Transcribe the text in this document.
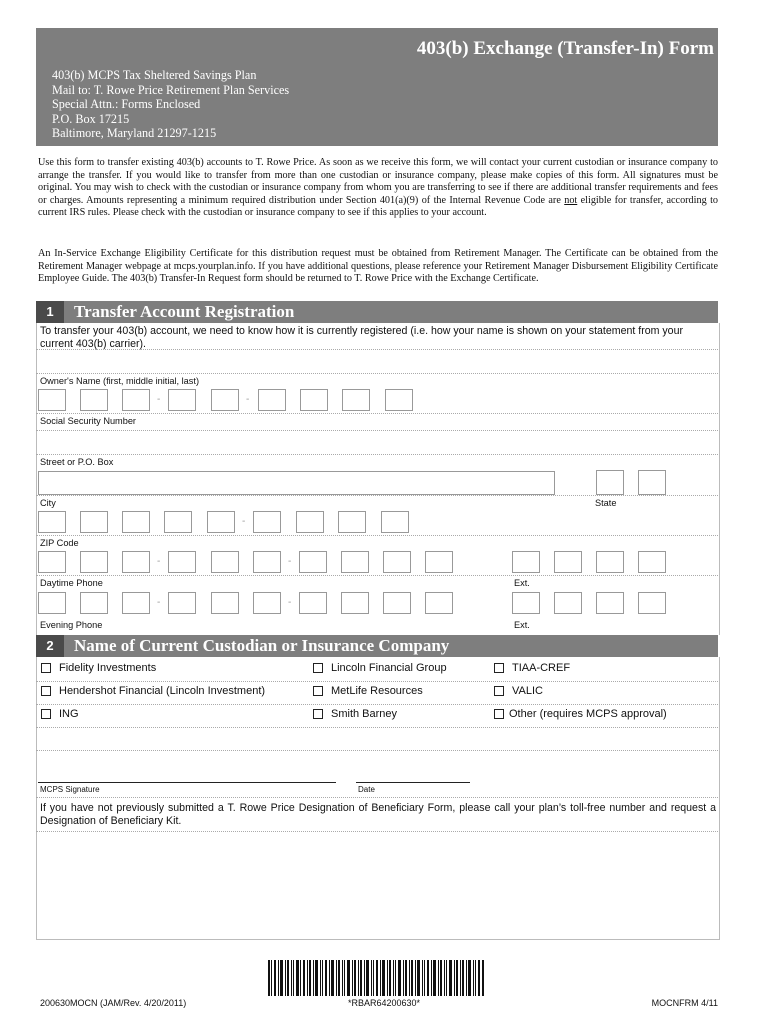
403(b) Exchange (Transfer-In) Form
403(b) MCPS Tax Sheltered Savings Plan
Mail to: T. Rowe Price Retirement Plan Services
Special Attn.: Forms Enclosed
P.O. Box 17215
Baltimore, Maryland 21297-1215
Use this form to transfer existing 403(b) accounts to T. Rowe Price. As soon as we receive this form, we will contact your current custodian or insurance company to arrange the transfer. If you would like to transfer from more than one custodian or insurance company, please make copies of this form. All signatures must be original. You may wish to check with the custodian or insurance company from whom you are transferring to see if there are additional transfer requirements and fees or charges. Amounts representing a minimum required distribution under Section 401(a)(9) of the Internal Revenue Code are not eligible for transfer, according to current IRS rules. Please check with the custodian or insurance company to see if this applies to your account.
An In-Service Exchange Eligibility Certificate for this distribution request must be obtained from Retirement Manager. The Certificate can be obtained from the Retirement Manager webpage at mcps.yourplan.info. If you have additional questions, please reference your Retirement Manager Disbursement Eligibility Certificate Employee Guide. The 403(b) Transfer-In Request form should be returned to T. Rowe Price with the Exchange Certificate.
1	Transfer Account Registration
To transfer your 403(b) account, we need to know how it is currently registered (i.e. how your name is shown on your statement from your current 403(b) carrier).
Owner's Name (first, middle initial, last)
-	-
Social Security Number
Street or P.O. Box
City	State
-
ZIP Code
-	-
Daytime Phone	Ext.
-	-
Evening Phone	Ext.
2	Name of Current Custodian or Insurance Company
Fidelity Investments	Lincoln Financial Group	TIAA-CREF
Hendershot Financial (Lincoln Investment)	MetLife Resources	VALIC
ING	Smith Barney	Other (requires MCPS approval)
MCPS Signature	Date
If you have not previously submitted a T. Rowe Price Designation of Beneficiary Form, please call your plan’s toll-free number and request a Designation of Beneficiary Kit.
*RBAR64200630*
200630MOCN (JAM/Rev. 4/20/2011)	MOCNFRM 4/11
